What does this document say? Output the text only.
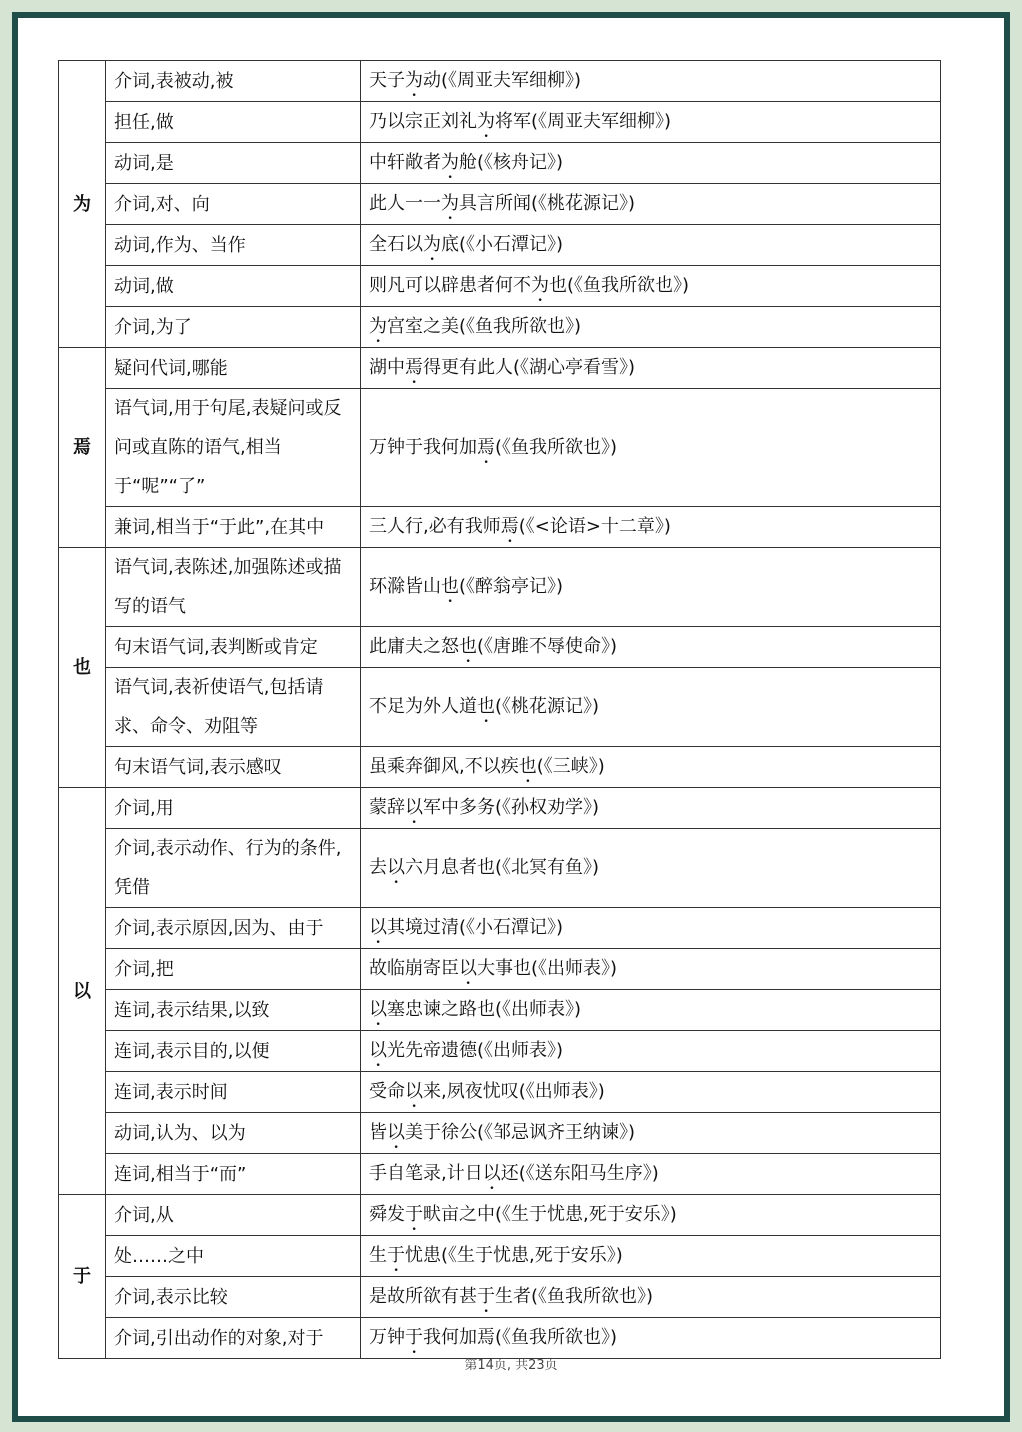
为	介词,表被动,被	天子为动(《周亚夫军细柳》)
	担任,做	乃以宗正刘礼为将军(《周亚夫军细柳》)
	动词,是	中轩敞者为舱(《核舟记》)
	介词,对、向	此人一一为具言所闻(《桃花源记》)
	动词,作为、当作	全石以为底(《小石潭记》)
	动词,做	则凡可以辟患者何不为也(《鱼我所欲也》)
	介词,为了	为宫室之美(《鱼我所欲也》)
焉	疑问代词,哪能	湖中焉得更有此人(《湖心亭看雪》)
	语气词,用于句尾,表疑问或反问或直陈的语气,相当于“呢”“了”	万钟于我何加焉(《鱼我所欲也》)
	兼词,相当于“于此”,在其中	三人行,必有我师焉(《<论语>十二章》)
也	语气词,表陈述,加强陈述或描写的语气	环滁皆山也(《醉翁亭记》)
	句末语气词,表判断或肯定	此庸夫之怒也(《唐雎不辱使命》)
	语气词,表祈使语气,包括请求、命令、劝阻等	不足为外人道也(《桃花源记》)
	句末语气词,表示感叹	虽乘奔御风,不以疾也(《三峡》)
以	介词,用	蒙辞以军中多务(《孙权劝学》)
	介词,表示动作、行为的条件,凭借	去以六月息者也(《北冥有鱼》)
	介词,表示原因,因为、由于	以其境过清(《小石潭记》)
	介词,把	故临崩寄臣以大事也(《出师表》)
	连词,表示结果,以致	以塞忠谏之路也(《出师表》)
	连词,表示目的,以便	以光先帝遗德(《出师表》)
	连词,表示时间	受命以来,夙夜忧叹(《出师表》)
	动词,认为、以为	皆以美于徐公(《邹忌讽齐王纳谏》)
	连词,相当于“而”	手自笔录,计日以还(《送东阳马生序》)
于	介词,从	舜发于畎亩之中(《生于忧患,死于安乐》)
	处……之中	生于忧患(《生于忧患,死于安乐》)
	介词,表示比较	是故所欲有甚于生者(《鱼我所欲也》)
	介词,引出动作的对象,对于	万钟于我何加焉(《鱼我所欲也》)
第14页, 共23页
